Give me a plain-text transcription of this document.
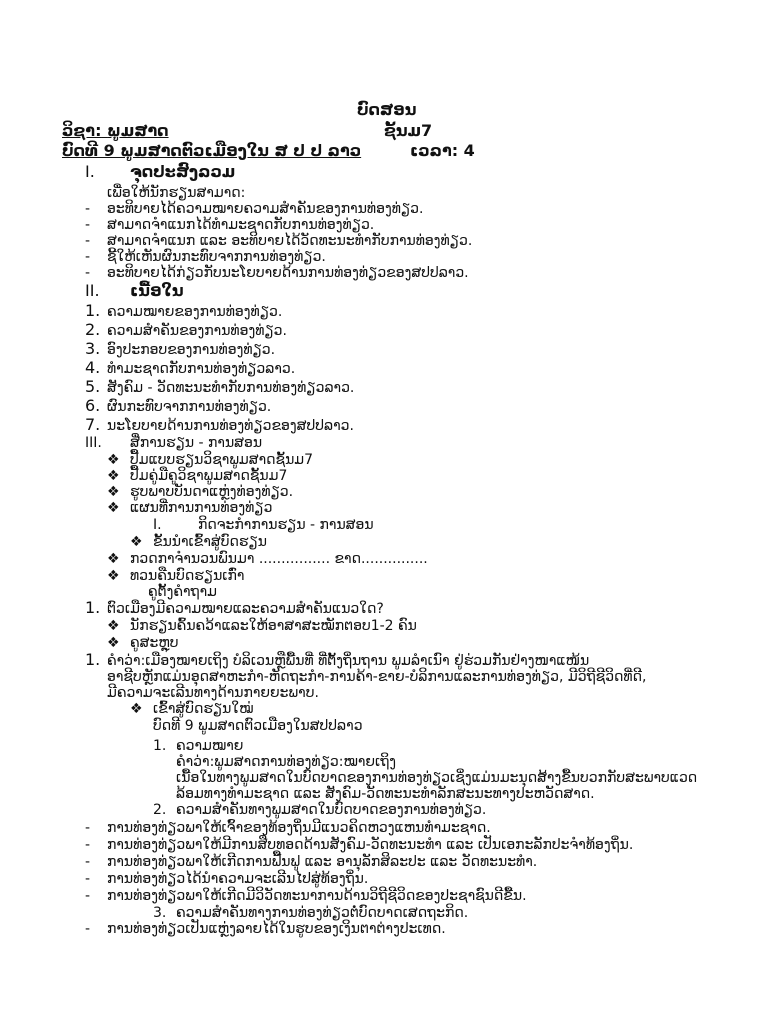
ບົດສອນ
ວິຊາ: ພູມສາດ	ຊັ້ນມ7
ບົດທີ 9 ພູມສາດຕົວເມືອງໃນ ສ ປ ປ ລາວ	ເວລາ: 4
I. ຈຸດປະສົງລວມ
ເພື່ອໃຫ້ນັກຮຽນສາມາດ:
- ອະທິບາຍໄດ້ຄວາມໝາຍຄວາມສຳຄັນຂອງການທ່ອງທ່ຽວ.
- ສາມາດຈຳແນກໄດ້ທຳມະຊາດກັບການທ່ອງທ່ຽວ.
- ສາມາດຈຳແນກ ແລະ ອະທິບາຍໄດ້ວັດທະນະທຳກັບການທ່ອງທ່ຽວ.
- ຊີ້ໃຫ້ເຫັນຜົນກະທົບຈາກການທ່ອງທ່ຽວ.
- ອະທິບາຍໄດ້ກ່ຽວກັບນະໂຍບາຍດ້ານການທ່ອງທ່ຽວຂອງສປປລາວ.
II. ເນື້ອໃນ
1. ຄວາມໝາຍຂອງການທ່ອງທ່ຽວ.
2. ຄວາມສຳຄັນຂອງການທ່ອງທ່ຽວ.
3. ອົງປະກອບຂອງການທ່ອງທ່ຽວ.
4. ທຳມະຊາດກັບການທ່ອງທ່ຽວລາວ.
5. ສັງຄົມ - ວັດທະນະທຳກັບການທ່ອງທ່ຽວລາວ.
6. ຜົນກະທົບຈາກການທ່ອງທ່ຽວ.
7. ນະໂຍບາຍດ້ານການທ່ອງທ່ຽວຂອງສປປລາວ.
III. ສື່ການຮຽນ - ການສອນ
❖ ປື້ມແບບຮຽນວິຊາພູມສາດຊັ້ນມ7
❖ ປື້ມຄູ່ມືຄູວິຊາພູມສາດຊັ້ນມ7
❖ ຮູບພາບບັນດາແຫຼ່ງທ່ອງທ່ຽວ.
❖ ແຜນທີ່ການການທ່ອງທ່ຽວ
I.	ກິດຈະກຳການຮຽນ - ການສອນ
❖ ຂັ້ນນຳເຂົ້າສູ່ບົດຮຽນ
❖ ກວດກາຈຳນວນພົນມາ ................ ຂາດ...............
❖ ທວນຄືນບົດຮຽນເກົ່າ
ຄູຕັ້ງຄຳຖາມ
1. ຕົວເມືອງມີຄວາມໝາຍແລະຄວາມສຳຄັນແນວໃດ?
❖ ນັກຮຽນຄົ້ນຄວ້າແລະໃຫ້ອາສາສະໝັກຕອບ1-2 ຄົນ
❖ ຄູສະຫຼຸບ
1. ຄຳວ່າ:ເມືອງໝາຍເຖິງ ບໍລິເວນຫຼືພື້ນທີ່ ທີ່ຕັ້ງຖິ່ນຖານ ພູມລຳເນົາ ຢູ່ຮ່ວມກັນຢ່າງໜາແໜ້ນ
ອາຊີບຫຼັກແມ່ນອຸດສາຫະກຳ-ຫັດຖະກຳ-ການຄ້າ-ຂາຍ-ບໍລິການແລະການທ່ອງທ່ຽວ, ມີວິຖີຊີວິດທີ່ດີ,
ມີຄວາມຈະເລີນທາງດ້ານກາຍຍະພາບ.
❖ ເຂົ້າສູ່ບົດຮຽນໃໝ່
ບົດທີ 9 ພູມສາດຕົວເມືອງໃນສປປລາວ
1. ຄວາມໝາຍ
ຄຳວ່າ:ພູມສາດການທ່ອງທ່ຽວ:ໝາຍເຖິງ
ເນື້ອໃນທາງພູມສາດໃນບົດບາດຂອງການທ່ອງທ່ຽວເຊິ່ງແມ່ນມະນຸດສ້າງຂື້ນບວກກັບສະພາບແວດ
ລ້ອມທາງທຳມະຊາດ ແລະ ສັງຄົມ-ວັດທະນະທຳລັກສະນະທາງປະຫວັດສາດ.
2. ຄວາມສຳຄັນທາງພູມສາດໃນບົດບາດຂອງການທ່ອງທ່ຽວ.
- ການທ່ອງທ່ຽວພາໃຫ້ເຈົ້າຂອງທ້ອງຖິ່ນມີແນວຄິດຫວງແຫນທຳມະຊາດ.
- ການທ່ອງທ່ຽວພາໃຫ້ມີການສືບທອດດ້ານສັງຄົມ-ວັດທະນະທຳ ແລະ ເປັນເອກະລັກປະຈຳທ້ອງຖິ່ນ.
- ການທ່ອງທ່ຽວພາໃຫ້ເກີດການຟື້ນຟູ ແລະ ອານຸລັກສິລະປະ ແລະ ວັດທະນະທຳ.
- ການທ່ອງທ່ຽວໄດ້ນຳຄວາມຈະເລີນໄປສູ່ທ້ອງຖິ່ນ.
- ການທ່ອງທ່ຽວພາໃຫ້ເກີດມີວິວັດທະນາການດ້ານວິຖີຊີວິດຂອງປະຊາຊົນດີຂື້ນ.
3. ຄວາມສຳຄັນທາງການທ່ອງທ່ຽວຕໍ່ບົດບາດເສດຖະກິດ.
- ການທ່ອງທ່ຽວເປັນແຫຼ່ງລາຍໄດ້ໃນຮູບຂອງເງິນຕາຕ່າງປະເທດ.
